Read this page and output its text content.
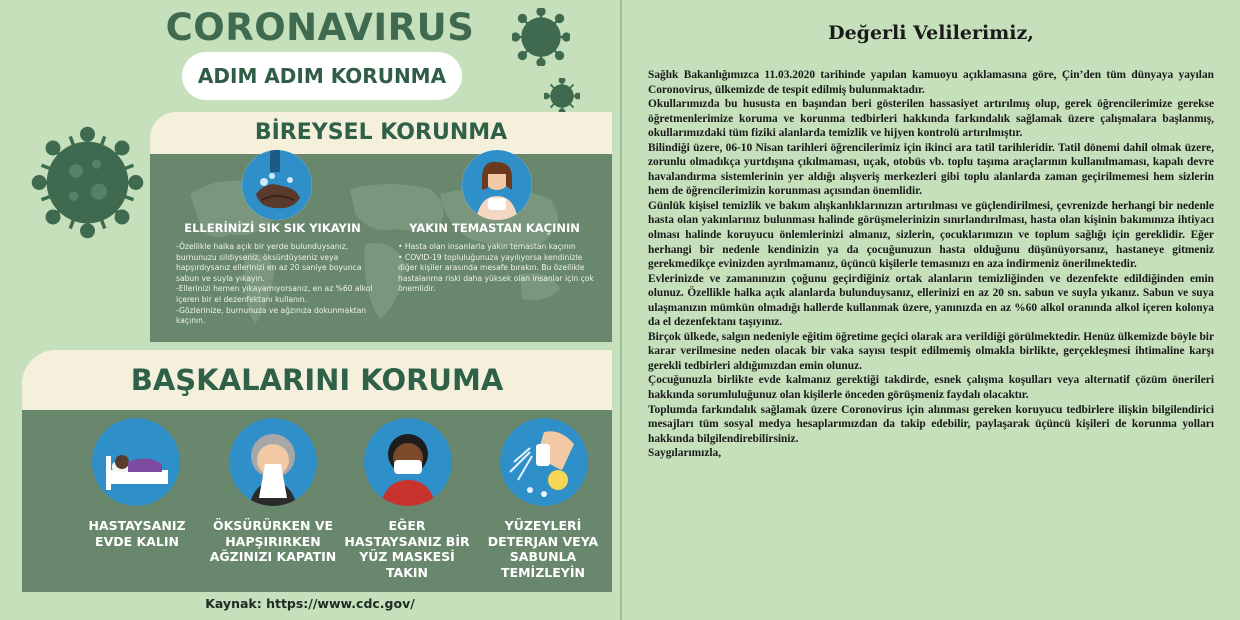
CORONAVIRUS
ADIM ADIM KORUNMA
BİREYSEL KORUNMA
ELLERİNİZİ SIK SIK YIKAYIN	YAKIN TEMASTAN KAÇININ
-Özellikle halka açık bir yerde bulunduysanız, burnunuzu sildiyseniz, öksürdüyseniz veya hapşırdıysanız ellerinizi en az 20 saniye boyunca sabun ve suyla yıkayın.
-Ellerinizi hemen yıkayamıyorsanız, en az %60 alkol içeren bir el dezenfektanı kullanın.
-Gözlerinize, burnunuza ve ağzınıza dokunmaktan kaçının.
• Hasta olan insanlarla yakın temastan kaçının
• COVID-19 topluluğunuza yayılıyorsa kendinizle diğer kişiler arasında mesafe bırakın. Bu özellikle hastalanma riski daha yüksek olan insanlar için çok önemlidir.
BAŞKALARINI KORUMA
HASTAYSANIZ EVDE KALIN
ÖKSÜRÜRKEN VE HAPŞIRIRKEN AĞZINIZI KAPATIN
EĞER HASTAYSANIZ BİR YÜZ MASKESİ TAKIN
YÜZEYLERİ DETERJAN VEYA SABUNLA TEMİZLEYİN
Kaynak: https://www.cdc.gov/
Değerli Velilerimiz,

Sağlık Bakanlığımızca 11.03.2020 tarihinde yapılan kamuoyu açıklamasına göre, Çin’den tüm dünyaya yayılan Coronovirus, ülkemizde de tespit edilmiş bulunmaktadır.

Okullarımızda bu hususta en başından beri gösterilen hassasiyet artırılmış olup, gerek öğrencilerimize gerekse öğretmenlerimize koruma ve korunma tedbirleri hakkında farkındalık sağlamak üzere çalışmalara başlanmış, okullarımızdaki tüm fiziki alanlarda temizlik ve hijyen kontrolü artırılmıştır.

Bilindiği üzere, 06-10 Nisan tarihleri öğrencilerimiz için ikinci ara tatil tarihleridir. Tatil dönemi dahil olmak üzere, zorunlu olmadıkça yurtdışına çıkılmaması, uçak, otobüs vb. toplu taşıma araçlarının kullanılmaması, kapalı devre havalandırma sistemlerinin yer aldığı alışveriş merkezleri gibi toplu alanlarda zaman geçirilmemesi hem sizlerin hem de öğrencilerimizin korunması açısından önemlidir.

Günlük kişisel temizlik ve bakım alışkanlıklarınızın artırılması ve güçlendirilmesi, çevrenizde herhangi bir nedenle hasta olan yakınlarınız bulunması halinde görüşmelerinizin sınırlandırılması, hasta olan kişinin bakımınıza ihtiyacı olması halinde koruyucu önlemlerinizi almanız, sizlerin, çocuklarımızın ve toplum sağlığı için gereklidir. Eğer herhangi bir nedenle kendinizin ya da çocuğunuzun hasta olduğunu düşünüyorsanız, hastaneye gitmeniz gerekmedikçe evinizden ayrılmamanız, üçüncü kişilerle temasınızı en aza indirmeniz önerilmektedir.

Evlerinizde ve zamanınızın çoğunu geçirdiğiniz ortak alanların temizliğinden ve dezenfekte edildiğinden emin olunuz. Özellikle halka açık alanlarda bulunduysanız, ellerinizi en az 20 sn. sabun ve suyla yıkanız. Sabun ve suya ulaşmanızın mümkün olmadığı hallerde kullanmak üzere, yanınızda en az %60 alkol oranında alkol içeren kolonya da el dezenfektanı taşıyınız.

Birçok ülkede, salgın nedeniyle eğitim öğretime geçici olarak ara verildiği görülmektedir. Henüz ülkemizde böyle bir karar verilmesine neden olacak bir vaka sayısı tespit edilmemiş olmakla birlikte, gerçekleşmesi ihtimaline karşı gerekli tedbirleri aldığımızdan emin olunuz.

Çocuğunuzla birlikte evde kalmanız gerektiği takdirde, esnek çalışma koşulları veya alternatif çözüm önerileri hakkında sorumluluğunuz olan kişilerle önceden görüşmeniz faydalı olacaktır.

Toplumda farkındalık sağlamak üzere Coronovirus için alınması gereken koruyucu tedbirlere ilişkin bilgilendirici mesajları tüm sosyal medya hesaplarımızdan da takip edebilir, paylaşarak üçüncü kişileri de korunma yolları hakkında bilgilendirebilirsiniz.

Saygılarımızla,
